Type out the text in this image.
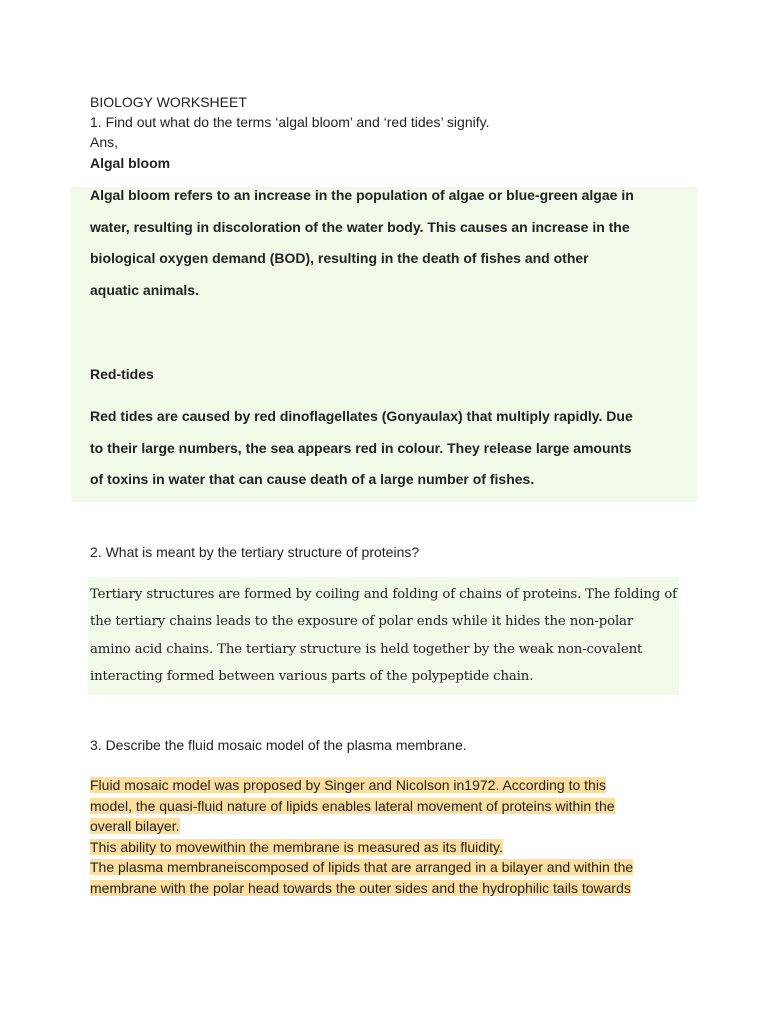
BIOLOGY WORKSHEET

1. Find out what do the terms ‘algal bloom’ and ‘red tides’ signify.

Ans,

Algal bloom

Algal bloom refers to an increase in the population of algae or blue-green algae in
water, resulting in discoloration of the water body. This causes an increase in the
biological oxygen demand (BOD), resulting in the death of fishes and other
aquatic animals.
Red-tides
Red tides are caused by red dinoflagellates (Gonyaulax) that multiply rapidly. Due
to their large numbers, the sea appears red in colour. They release large amounts
of toxins in water that can cause death of a large number of fishes.

2. What is meant by the tertiary structure of proteins?

Tertiary structures are formed by coiling and folding of chains of proteins. The folding of
the tertiary chains leads to the exposure of polar ends while it hides the non-polar
amino acid chains. The tertiary structure is held together by the weak non-covalent
interacting formed between various parts of the polypeptide chain.

3. Describe the fluid mosaic model of the plasma membrane.

Fluid mosaic model was proposed by Singer and Nicolson in1972. According to this
model, the quasi-fluid nature of lipids enables lateral movement of proteins within the
overall bilayer.
This ability to movewithin the membrane is measured as its fluidity.
The plasma membraneiscomposed of lipids that are arranged in a bilayer and within the
membrane with the polar head towards the outer sides and the hydrophilic tails towards
